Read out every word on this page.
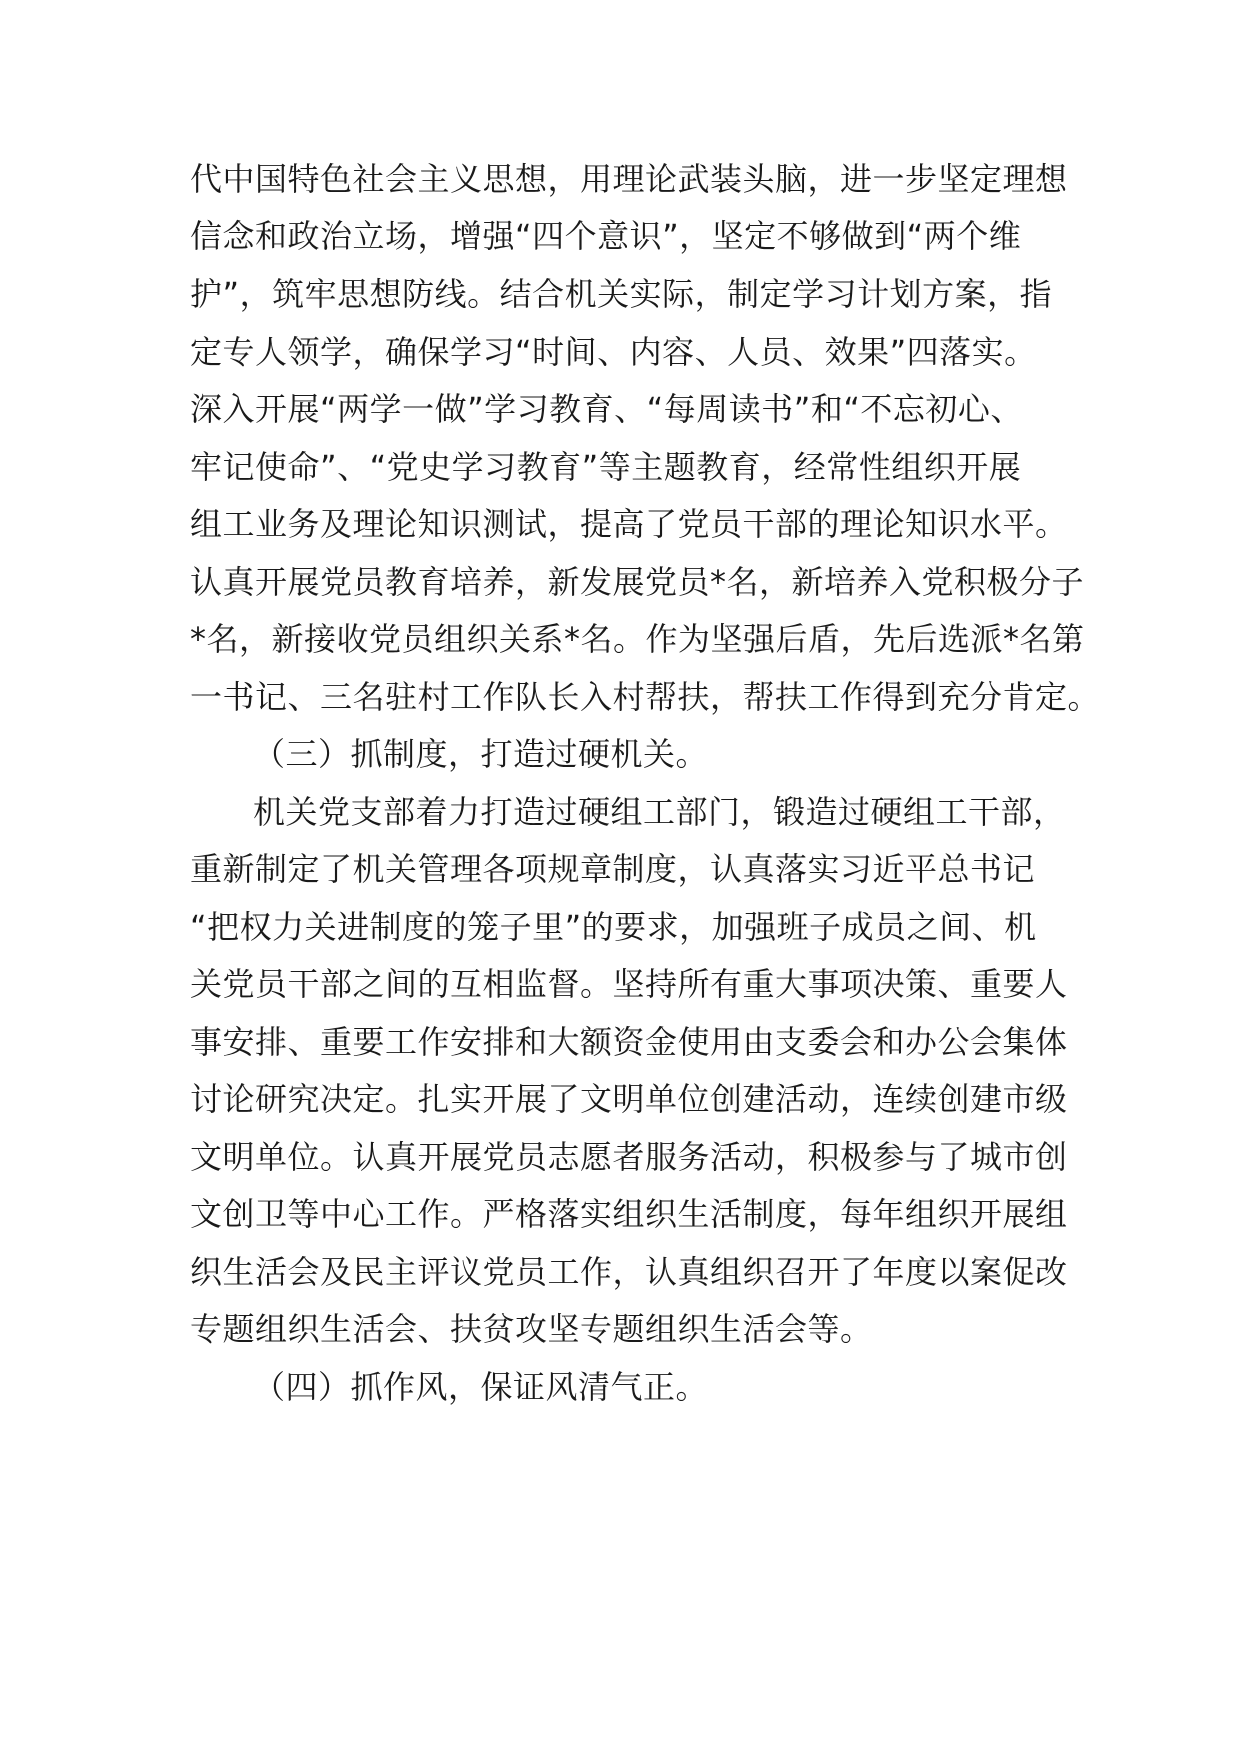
代中国特色社会主义思想，用理论武装头脑，进一步坚定理想
信念和政治立场，增强“四个意识”，坚定不够做到“两个维
护”，筑牢思想防线。结合机关实际，制定学习计划方案，指
定专人领学，确保学习“时间、内容、人员、效果”四落实。
深入开展“两学一做”学习教育、“每周读书”和“不忘初心、
牢记使命”、“党史学习教育”等主题教育，经常性组织开展
组工业务及理论知识测试，提高了党员干部的理论知识水平。
认真开展党员教育培养，新发展党员*名，新培养入党积极分子
*名，新接收党员组织关系*名。作为坚强后盾，先后选派*名第
一书记、三名驻村工作队长入村帮扶，帮扶工作得到充分肯定。
（三）抓制度，打造过硬机关。
机关党支部着力打造过硬组工部门，锻造过硬组工干部，
重新制定了机关管理各项规章制度，认真落实习近平总书记
“把权力关进制度的笼子里”的要求，加强班子成员之间、机
关党员干部之间的互相监督。坚持所有重大事项决策、重要人
事安排、重要工作安排和大额资金使用由支委会和办公会集体
讨论研究决定。扎实开展了文明单位创建活动，连续创建市级
文明单位。认真开展党员志愿者服务活动，积极参与了城市创
文创卫等中心工作。严格落实组织生活制度，每年组织开展组
织生活会及民主评议党员工作，认真组织召开了年度以案促改
专题组织生活会、扶贫攻坚专题组织生活会等。
（四）抓作风，保证风清气正。
